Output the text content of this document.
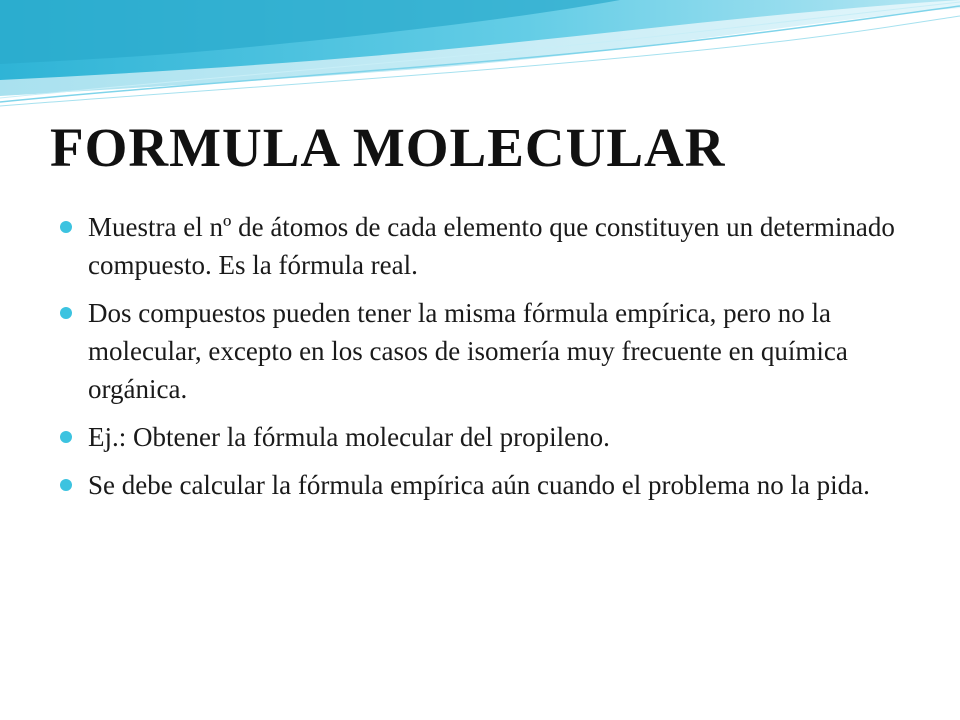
FORMULA MOLECULAR
Muestra el nº de átomos de cada elemento que constituyen un determinado compuesto. Es la fórmula real.
Dos compuestos pueden tener la misma fórmula empírica, pero no la molecular, excepto en los casos de isomería muy frecuente en química orgánica.
Ej.: Obtener la fórmula molecular del propileno.
Se debe calcular la fórmula empírica aún cuando el problema no la pida.
